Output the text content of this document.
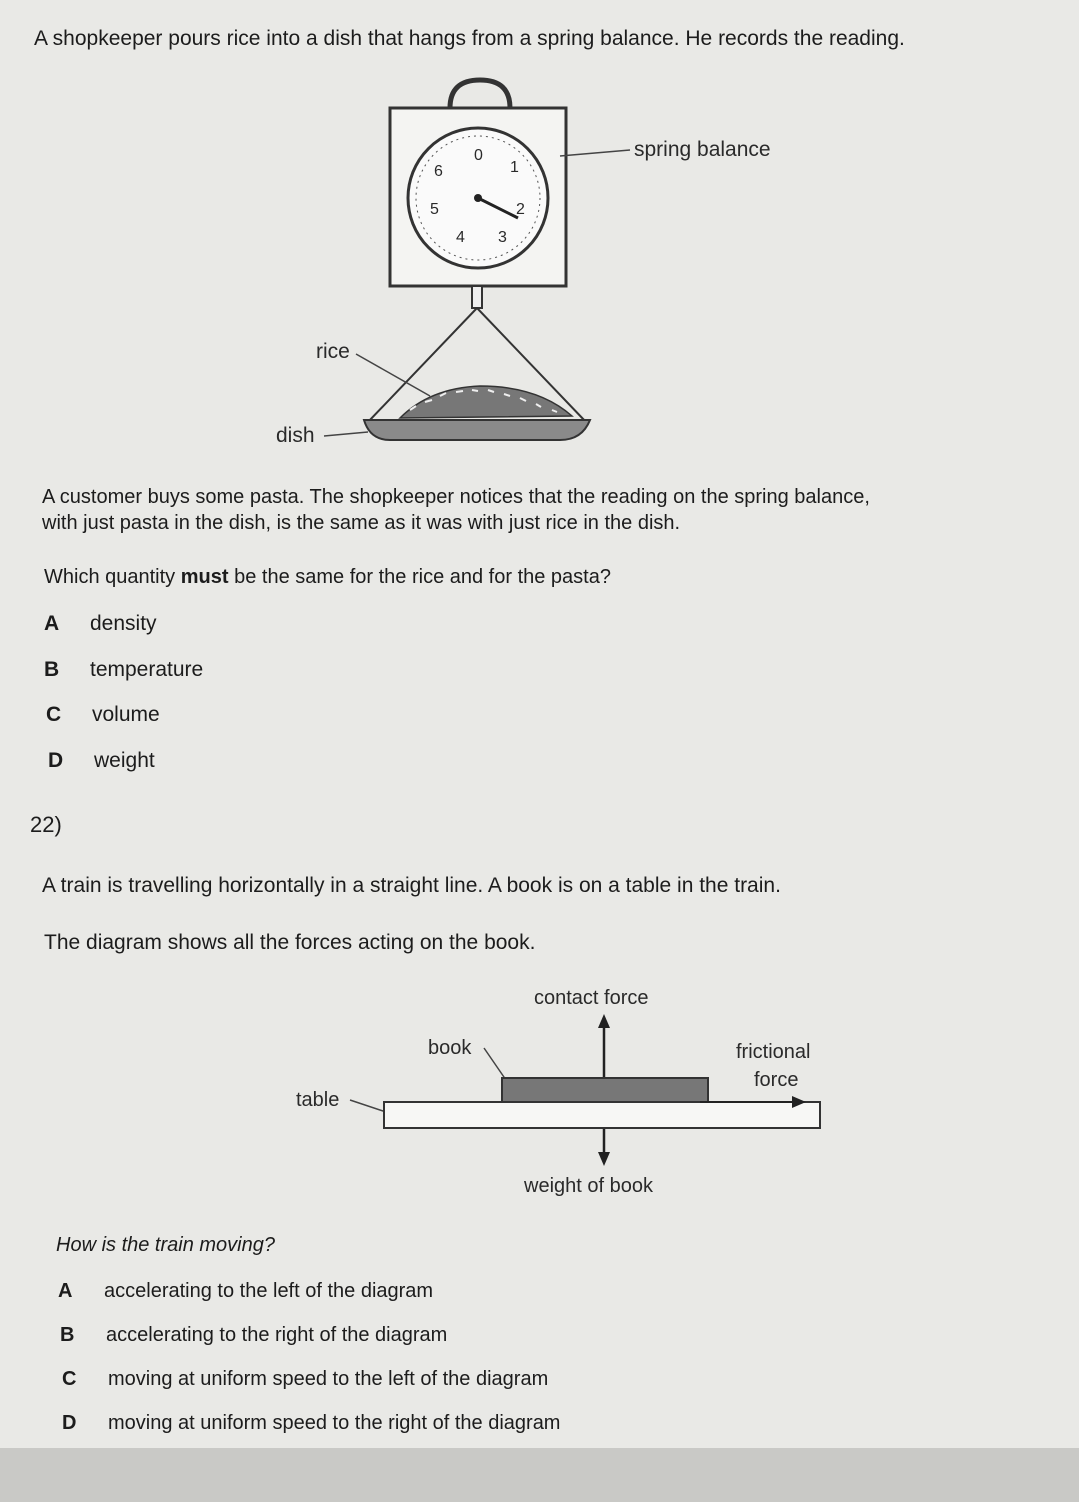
A shopkeeper pours rice into a dish that hangs from a spring balance. He records the reading.
0
1
2
3
4
5
6
spring balance
rice
dish
A customer buys some pasta. The shopkeeper notices that the reading on the spring balance,
with just pasta in the dish, is the same as it was with just rice in the dish.
Which quantity must be the same for the rice and for the pasta?
A density
B temperature
C volume
D weight
22)
A train is travelling horizontally in a straight line. A book is on a table in the train.
The diagram shows all the forces acting on the book.
contact force
weight of book
book
table
frictional
force
How is the train moving?
A accelerating to the left of the diagram
B accelerating to the right of the diagram
C moving at uniform speed to the left of the diagram
D moving at uniform speed to the right of the diagram
